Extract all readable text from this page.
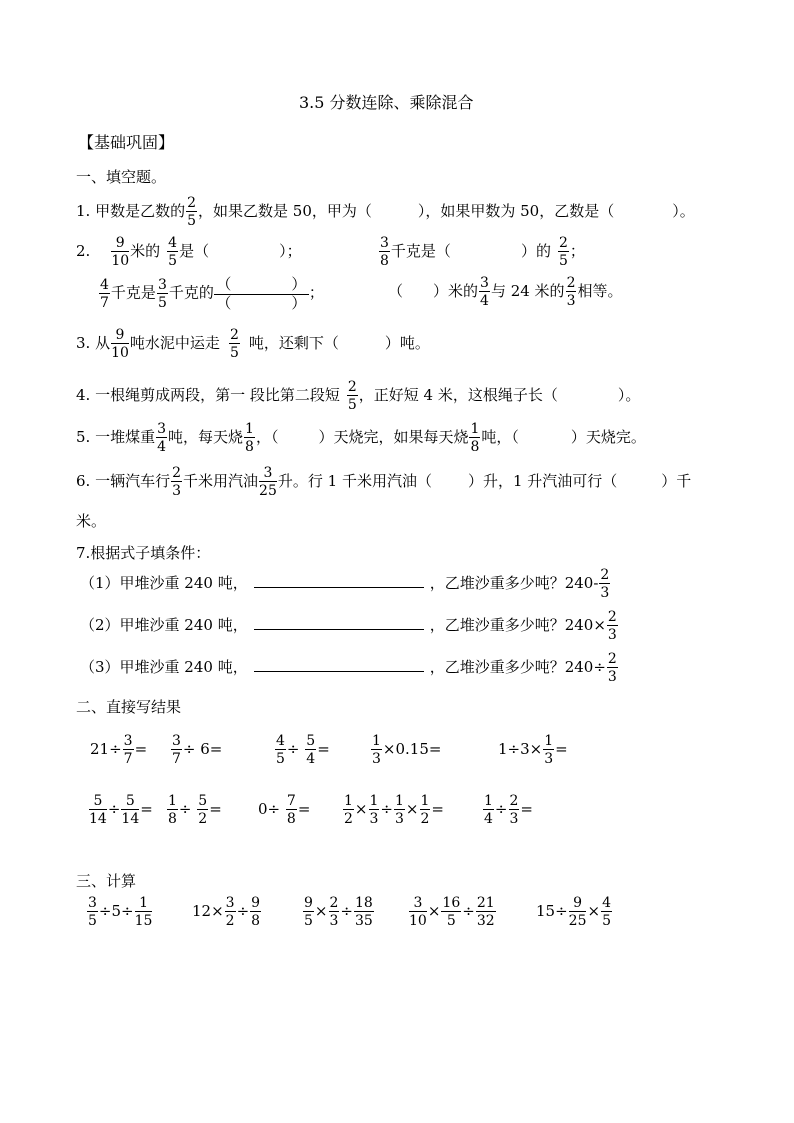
3.5 分数连除、乘除混合
【基础巩固】
一、填空题。
1. 甲数是乙数的 $\frac{2}{5}$ ，如果乙数是 50，甲为（	），如果甲数为 50，乙数是（	）。
2. $\frac{9}{10}$ 米的 $\frac{4}{5}$ 是（	）；	$\frac{3}{8}$ 千克是（	）的 $\frac{2}{5}$ ；
$\frac{4}{7}$ 千克是 $\frac{3}{5}$ 千克的 （　　　　）
（　　　　）
；	（　　）米的 $\frac{3}{4}$ 与 24 米的 $\frac{2}{3}$ 相等。
3. 从 $\frac{9}{10}$ 吨水泥中运走 $\frac{2}{5}$ 吨，还剩下（	）吨。
4. 一根绳剪成两段，第一 段比第二段短 $\frac{2}{5}$ ，正好短 4 米，这根绳子长（	）。
5. 一堆煤重 $\frac{3}{4}$ 吨，每天烧 $\frac{1}{8}$ ，（	）天烧完，如果每天烧 $\frac{1}{8}$ 吨，（	）天烧完。
6. 一辆汽车行 $\frac{2}{3}$ 千米用汽油 $\frac{3}{25}$ 升。行 1 千米用汽油（ ）升，1 升汽油可行（	）千
米。
7.根据式子填条件：
（1）甲堆沙重 240 吨，	，乙堆沙重多少吨？$240- \frac{2}{3}$
（2）甲堆沙重 240 吨，	，乙堆沙重多少吨？$240\times \frac{2}{3}$
（3）甲堆沙重 240 吨，	，乙堆沙重多少吨？$240\div \frac{2}{3}$
二、直接写结果
$21\div \frac{3}{7} = \frac{3}{7} \div 6=$	$\frac{4}{5} \div \frac{5}{4}$ =	$\frac{1}{3} \times 0.15=$	$1\div 3\times \frac{1}{3}$ =
$\frac{5}{14} \div \frac{5}{14} = \frac{1}{8} \div \frac{5}{2} = 0\div \frac{7}{8} = \frac{1}{2} \times \frac{1}{3} \div \frac{1}{3} \times \frac{1}{2}$ =	$\frac{1}{4} \div \frac{2}{3}$ =
三、计算
$\frac{3}{5} \div 5\div \frac{1}{15}$	$12\times \frac{3}{2} \div \frac{9}{8}$	$\frac{9}{5} \times \frac{2}{3} \div \frac{18}{35}$	$\frac{3}{10} \times \frac{16}{5} \div \frac{21}{32}$	$15\div \frac{9}{25} \times \frac{4}{5}$
